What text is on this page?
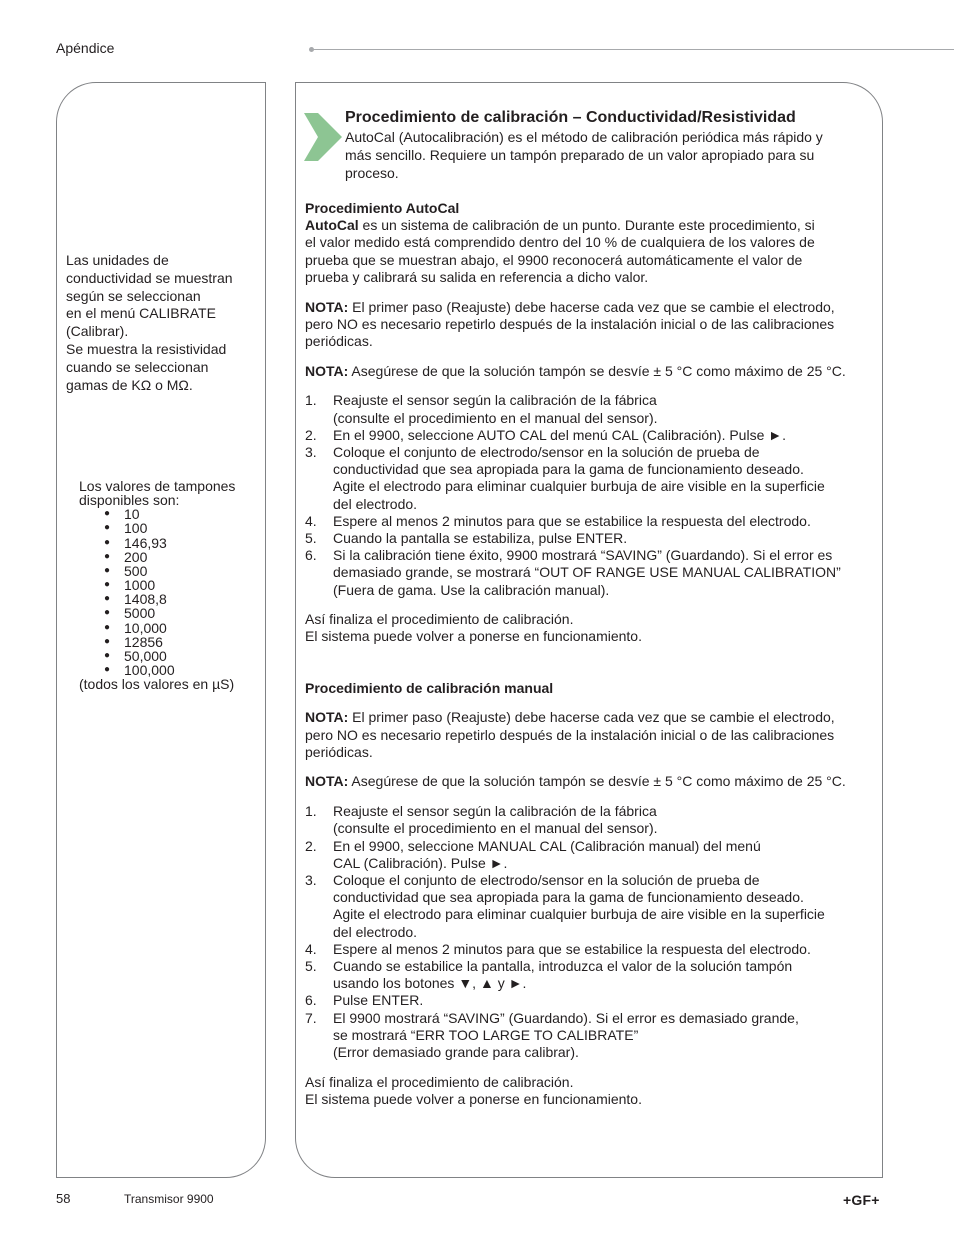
Apéndice
Las unidades de
conductividad se muestran
según se seleccionan
en el menú CALIBRATE
(Calibrar).
Se muestra la resistividad
cuando se seleccionan
gamas de KΩ o MΩ.
Los valores de tampones
disponibles son:
● 10
● 100
● 146,93
● 200
● 500
● 1000
● 1408,8
● 5000
● 10,000
● 12856
● 50,000
● 100,000
(todos los valores en µS)
Procedimiento de calibración – Conductividad/Resistividad
AutoCal (Autocalibración) es el método de calibración periódica más rápido y
más sencillo. Requiere un tampón preparado de un valor apropiado para su
proceso.
Procedimiento AutoCal
AutoCal es un sistema de calibración de un punto. Durante este procedimiento, si
el valor medido está comprendido dentro del 10 % de cualquiera de los valores de
prueba que se muestran abajo, el 9900 reconocerá automáticamente el valor de
prueba y calibrará su salida en referencia a dicho valor.
NOTA: El primer paso (Reajuste) debe hacerse cada vez que se cambie el electrodo,
pero NO es necesario repetirlo después de la instalación inicial o de las calibraciones
periódicas.
NOTA: Asegúrese de que la solución tampón se desvíe ± 5 °C como máximo de 25 °C.
1. Reajuste el sensor según la calibración de la fábrica
(consulte el procedimiento en el manual del sensor).
2. En el 9900, seleccione AUTO CAL del menú CAL (Calibración). Pulse ►.
3. Coloque el conjunto de electrodo/sensor en la solución de prueba de
conductividad que sea apropiada para la gama de funcionamiento deseado.
Agite el electrodo para eliminar cualquier burbuja de aire visible en la superficie
del electrodo.
4. Espere al menos 2 minutos para que se estabilice la respuesta del electrodo.
5. Cuando la pantalla se estabiliza, pulse ENTER.
6. Si la calibración tiene éxito, 9900 mostrará “SAVING” (Guardando). Si el error es
demasiado grande, se mostrará “OUT OF RANGE USE MANUAL CALIBRATION”
(Fuera de gama. Use la calibración manual).
Así finaliza el procedimiento de calibración.
El sistema puede volver a ponerse en funcionamiento.
Procedimiento de calibración manual
NOTA: El primer paso (Reajuste) debe hacerse cada vez que se cambie el electrodo,
pero NO es necesario repetirlo después de la instalación inicial o de las calibraciones
periódicas.
NOTA: Asegúrese de que la solución tampón se desvíe ± 5 °C como máximo de 25 °C.
1. Reajuste el sensor según la calibración de la fábrica
(consulte el procedimiento en el manual del sensor).
2. En el 9900, seleccione MANUAL CAL (Calibración manual) del menú
CAL (Calibración). Pulse ►.
3. Coloque el conjunto de electrodo/sensor en la solución de prueba de
conductividad que sea apropiada para la gama de funcionamiento deseado.
Agite el electrodo para eliminar cualquier burbuja de aire visible en la superficie
del electrodo.
4. Espere al menos 2 minutos para que se estabilice la respuesta del electrodo.
5. Cuando se estabilice la pantalla, introduzca el valor de la solución tampón
usando los botones ▼, ▲ y ►.
6. Pulse ENTER.
7. El 9900 mostrará “SAVING” (Guardando). Si el error es demasiado grande,
se mostrará “ERR TOO LARGE TO CALIBRATE”
(Error demasiado grande para calibrar).
Así finaliza el procedimiento de calibración.
El sistema puede volver a ponerse en funcionamiento.
58	Transmisor 9900	+GF+
